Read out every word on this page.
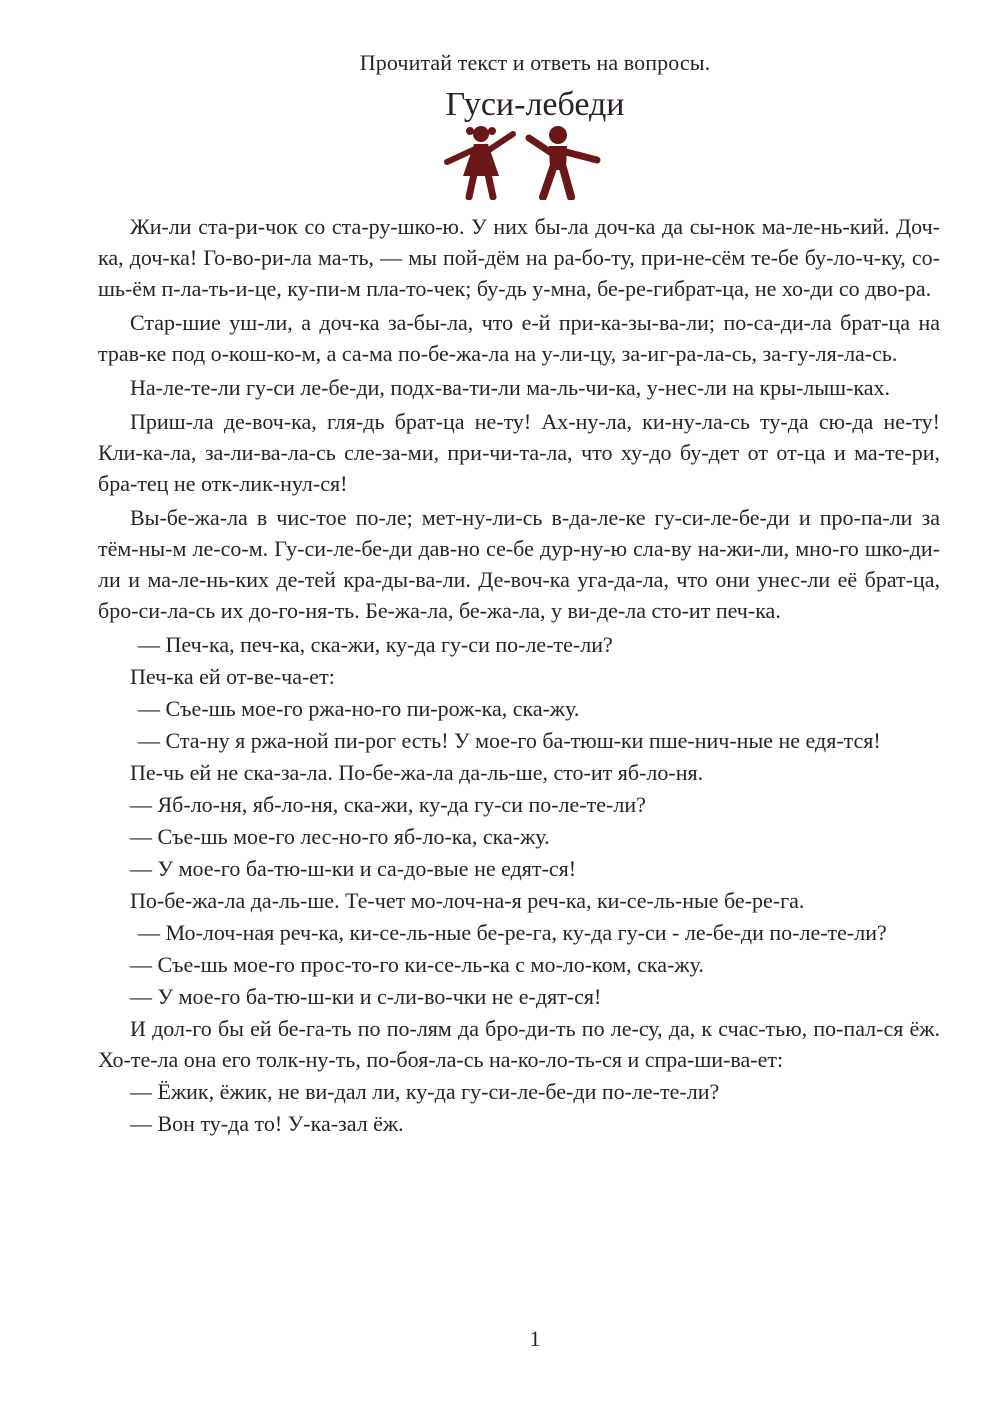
Прочитай текст и ответь на вопросы.
Гуси-лебеди

Жи-ли ста-ри-чок со ста-ру-шко-ю. У них бы-ла доч-ка да сы-нок ма-ле-нь-кий. Доч-ка, доч-ка! Го-во-ри-ла ма-ть, — мы пой-дём на ра-бо-ту, при-не-сём те-бе бу-ло-ч-ку, со-шь-ём п-ла-ть-и-це, ку-пи-м пла-то-чек; бу-дь у-мна, бе-ре-гибрат-ца, не хо-ди со дво-ра.

Стар-шие уш-ли, а доч-ка за-бы-ла, что е-й при-ка-зы-ва-ли; по-са-ди-ла брат-ца на трав-ке под о-кош-ко-м, а са-ма по-бе-жа-ла на у-ли-цу, за-иг-ра-ла-сь, за-гу-ля-ла-сь.

На-ле-те-ли гу-си ле-бе-ди, подх-ва-ти-ли ма-ль-чи-ка, у-нес-ли на кры-лыш-ках.

Приш-ла де-воч-ка, гля-дь брат-ца не-ту! Ах-ну-ла, ки-ну-ла-сь ту-да сю-да не-ту! Кли-ка-ла, за-ли-ва-ла-сь сле-за-ми, при-чи-та-ла, что ху-до бу-дет от от-ца и ма-те-ри, бра-тец не отк-лик-нул-ся!

Вы-бе-жа-ла в чис-тое по-ле; мет-ну-ли-сь в-да-ле-ке гу-си-ле-бе-ди и про-па-ли за тём-ны-м ле-со-м. Гу-си-ле-бе-ди дав-но се-бе дур-ну-ю сла-ву на-жи-ли, мно-го шко-ди-ли и ма-ле-нь-ких де-тей кра-ды-ва-ли. Де-воч-ка уга-да-ла, что они унес-ли её брат-ца, бро-си-ла-сь их до-го-ня-ть. Бе-жа-ла, бе-жа-ла, у ви-де-ла сто-ит печ-ка.

— Печ-ка, печ-ка, ска-жи, ку-да гу-си по-ле-те-ли?

Печ-ка ей от-ве-ча-ет:

— Съе-шь мое-го ржа-но-го пи-рож-ка, ска-жу.

— Ста-ну я ржа-ной пи-рог есть! У мое-го ба-тюш-ки пше-нич-ные не едя-тся!

Пе-чь ей не ска-за-ла. По-бе-жа-ла да-ль-ше, сто-ит яб-ло-ня.

— Яб-ло-ня, яб-ло-ня, ска-жи, ку-да гу-си по-ле-те-ли?

— Съе-шь мое-го лес-но-го яб-ло-ка, ска-жу.

— У мое-го ба-тю-ш-ки и са-до-вые не едят-ся!

По-бе-жа-ла да-ль-ше. Те-чет мо-лоч-на-я реч-ка, ки-се-ль-ные бе-ре-га.

— Мо-лоч-ная реч-ка, ки-се-ль-ные бе-ре-га, ку-да гу-си - ле-бе-ди по-ле-те-ли?

— Съе-шь мое-го прос-то-го ки-се-ль-ка с мо-ло-ком, ска-жу.

— У мое-го ба-тю-ш-ки и с-ли-во-чки не е-дят-ся!

И дол-го бы ей бе-га-ть по по-лям да бро-ди-ть по ле-су, да, к счас-тью, по-пал-ся ёж. Хо-те-ла она его толк-ну-ть, по-боя-ла-сь на-ко-ло-ть-ся и спра-ши-ва-ет:

— Ёжик, ёжик, не ви-дал ли, ку-да гу-си-ле-бе-ди по-ле-те-ли?

— Вон ту-да то! У-ка-зал ёж.

1
